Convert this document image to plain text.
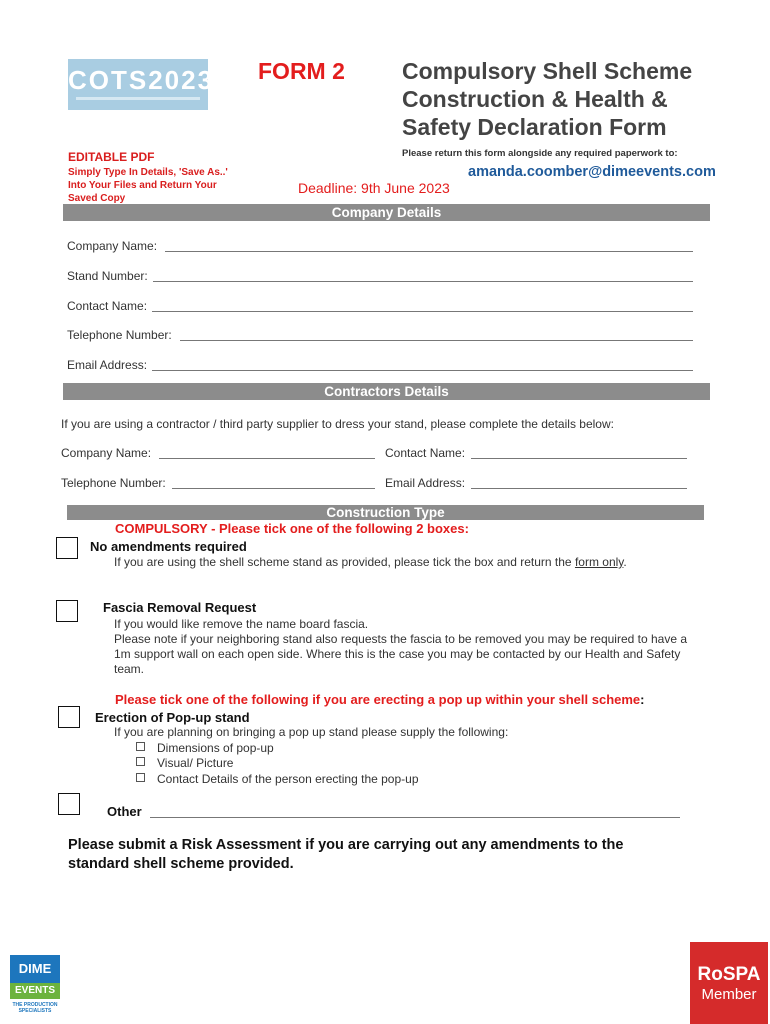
COTS2023 FORM 2 Compulsory Shell Scheme Construction & Health & Safety Declaration Form
Please return this form alongside any required paperwork to:
amanda.coomber@dimeevents.com
Deadline: 9th June 2023
EDITABLE PDF
Simply Type In Details, 'Save As..' Into Your Files and Return Your Saved Copy
Company Details
Company Name:
Stand Number:
Contact Name:
Telephone Number:
Email Address:
Contractors Details
If you are using a contractor / third party supplier to dress your stand, please complete the details below:
Company Name:	Contact Name:
Telephone Number:	Email Address:
Construction Type
COMPULSORY - Please tick one of the following 2 boxes:
No amendments required
If you are using the shell scheme stand as provided, please tick the box and return the form only.
Fascia Removal Request
If you would like remove the name board fascia.
Please note if your neighboring stand also requests the fascia to be removed you may be required to have a 1m support wall on each open side. Where this is the case you may be contacted by our Health and Safety team.
Please tick one of the following if you are erecting a pop up within your shell scheme:
Erection of Pop-up stand
If you are planning on bringing a pop up stand please supply the following:
Dimensions of pop-up
Visual/ Picture
Contact Details of the person erecting the pop-up
Other
Please submit a Risk Assessment if you are carrying out any amendments to the standard shell scheme provided.
DIME
EVENTS
THE PRODUCTION SPECIALISTS
RoSPA
Member
